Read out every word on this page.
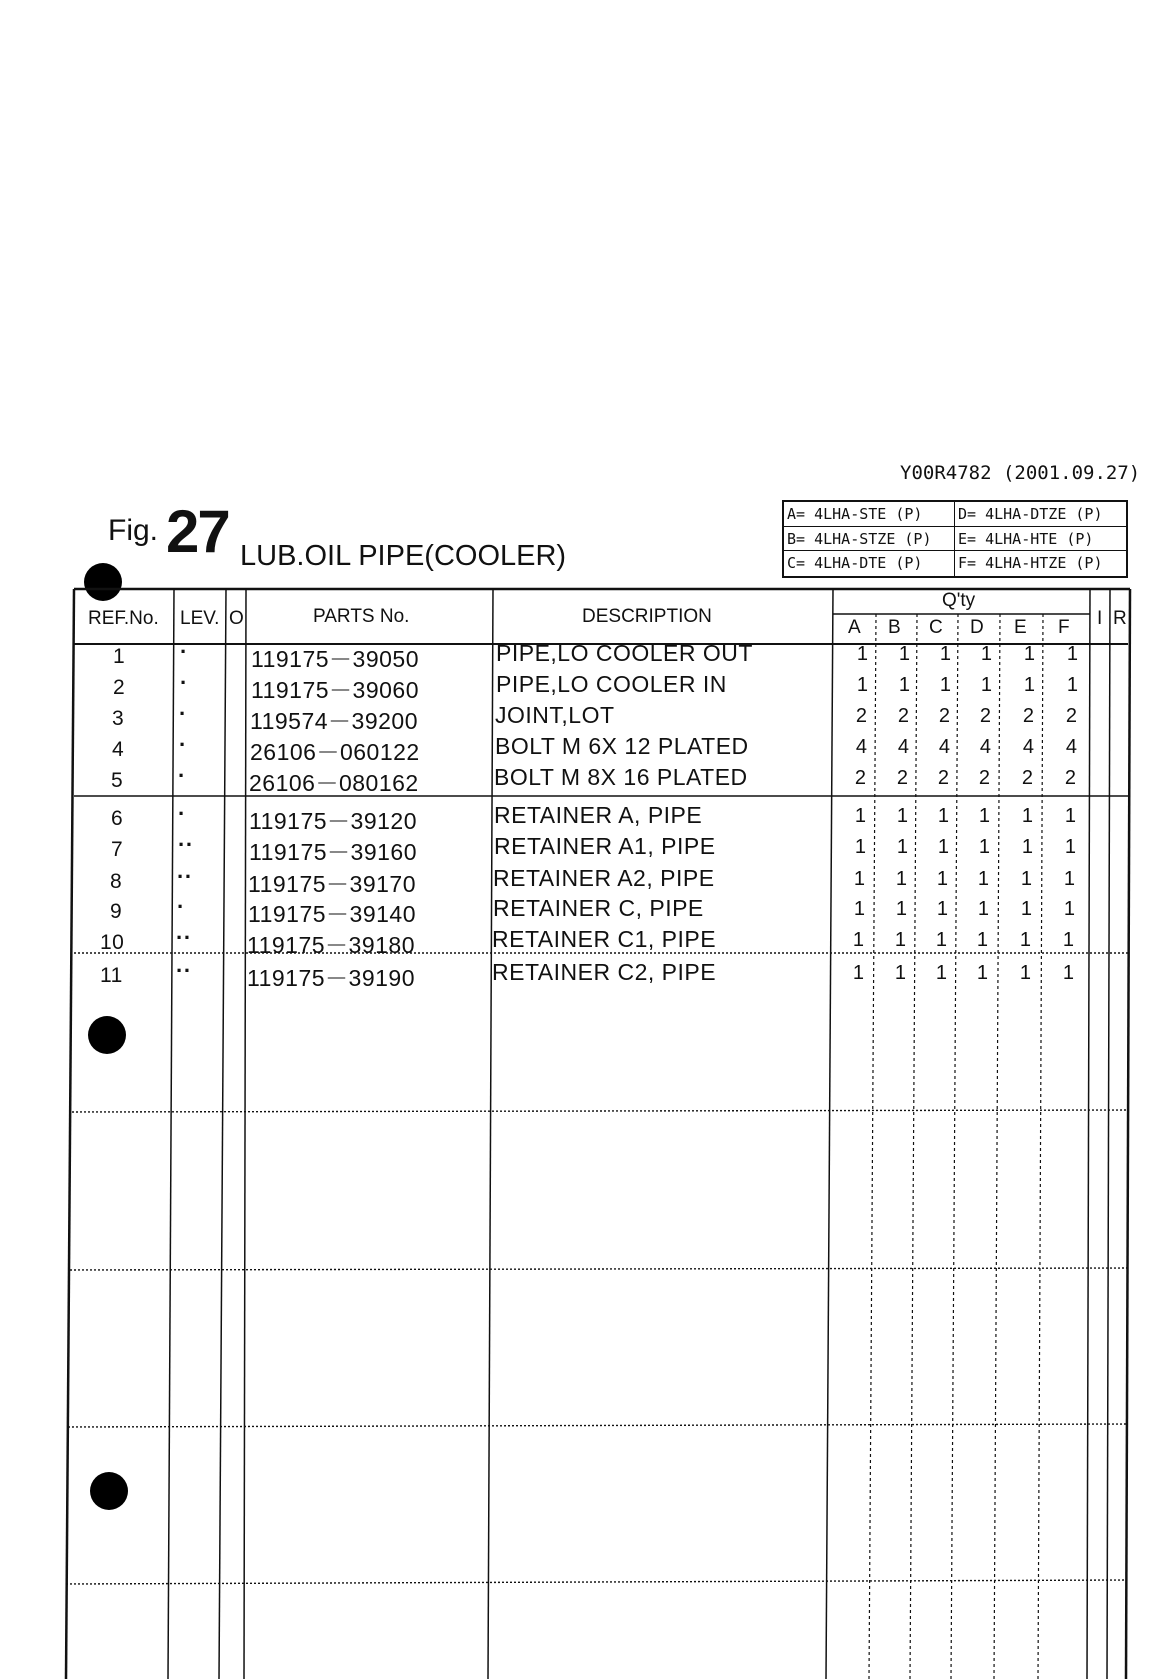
Y00R4782 (2001.09.27)
Fig. 27 LUB.OIL PIPE(COOLER)
A= 4LHA-STE (P)	D= 4LHA-DTZE (P)
B= 4LHA-STZE (P)	E= 4LHA-HTE (P)
C= 4LHA-DTE (P)	F= 4LHA-HTZE (P)
REF.No. LEV. O	PARTS No.	DESCRIPTION
Q'ty
A B C D E F I R
1 ·	119175－39050	PIPE,LO COOLER OUT	1	1	1	1	1	1
2 ·	119175－39060	PIPE,LO COOLER IN	1	1	1	1	1	1
3 ·	119574－39200	JOINT,LOT	2	2	2	2	2	2
4 ·	26106－060122	BOLT M 6X 12 PLATED	4	4	4	4	4	4
5 ·	26106－080162	BOLT M 8X 16 PLATED	2	2	2	2	2	2
6 ·	119175－39120	RETAINER A, PIPE	1	1	1	1	1	1
7 ·· 119175－39160	RETAINER A1, PIPE	1	1	1	1	1	1
8 ·· 119175－39170	RETAINER A2, PIPE	1	1	1	1	1	1
9 ·	119175－39140	RETAINER C, PIPE	1	1	1	1	1	1
10 ·· 119175－39180	RETAINER C1, PIPE	1	1	1	1	1	1
11 ·· 119175－39190	RETAINER C2, PIPE	1	1	1	1	1	1
